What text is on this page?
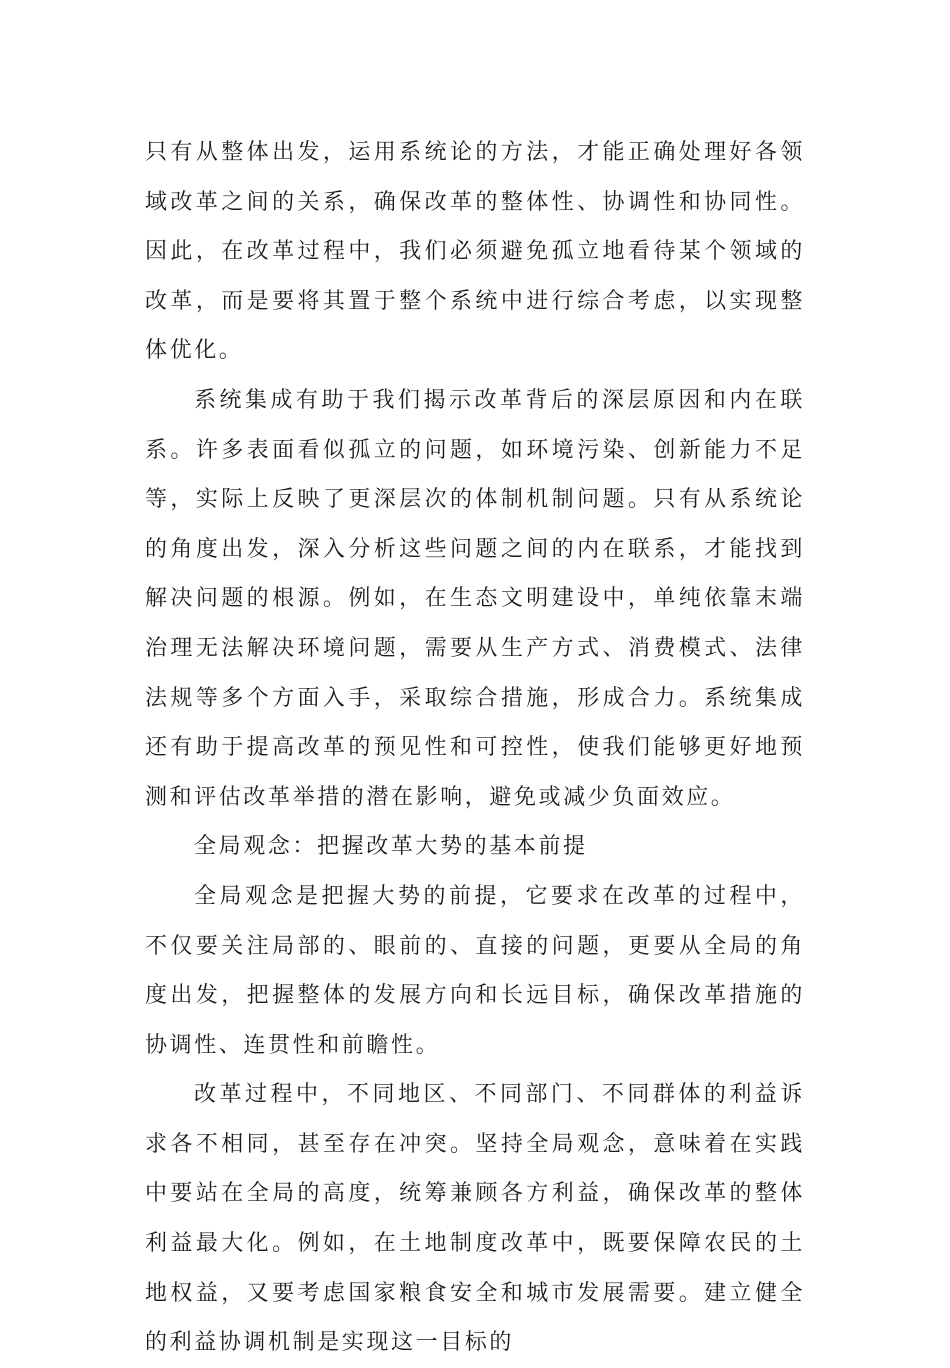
只有从整体出发，运用系统论的方法，才能正确处理好各领域改革之间的关系，确保改革的整体性、协调性和协同性。因此，在改革过程中，我们必须避免孤立地看待某个领域的改革，而是要将其置于整个系统中进行综合考虑，以实现整体优化。

系统集成有助于我们揭示改革背后的深层原因和内在联系。许多表面看似孤立的问题，如环境污染、创新能力不足等，实际上反映了更深层次的体制机制问题。只有从系统论的角度出发，深入分析这些问题之间的内在联系，才能找到解决问题的根源。例如，在生态文明建设中，单纯依靠末端治理无法解决环境问题，需要从生产方式、消费模式、法律法规等多个方面入手，采取综合措施，形成合力。系统集成还有助于提高改革的预见性和可控性，使我们能够更好地预测和评估改革举措的潜在影响，避免或减少负面效应。

全局观念：把握改革大势的基本前提

全局观念是把握大势的前提，它要求在改革的过程中，不仅要关注局部的、眼前的、直接的问题，更要从全局的角度出发，把握整体的发展方向和长远目标，确保改革措施的协调性、连贯性和前瞻性。

改革过程中，不同地区、不同部门、不同群体的利益诉求各不相同，甚至存在冲突。坚持全局观念，意味着在实践中要站在全局的高度，统筹兼顾各方利益，确保改革的整体利益最大化。例如，在土地制度改革中，既要保障农民的土地权益，又要考虑国家粮食安全和城市发展需要。建立健全的利益协调机制是实现这一目标的
